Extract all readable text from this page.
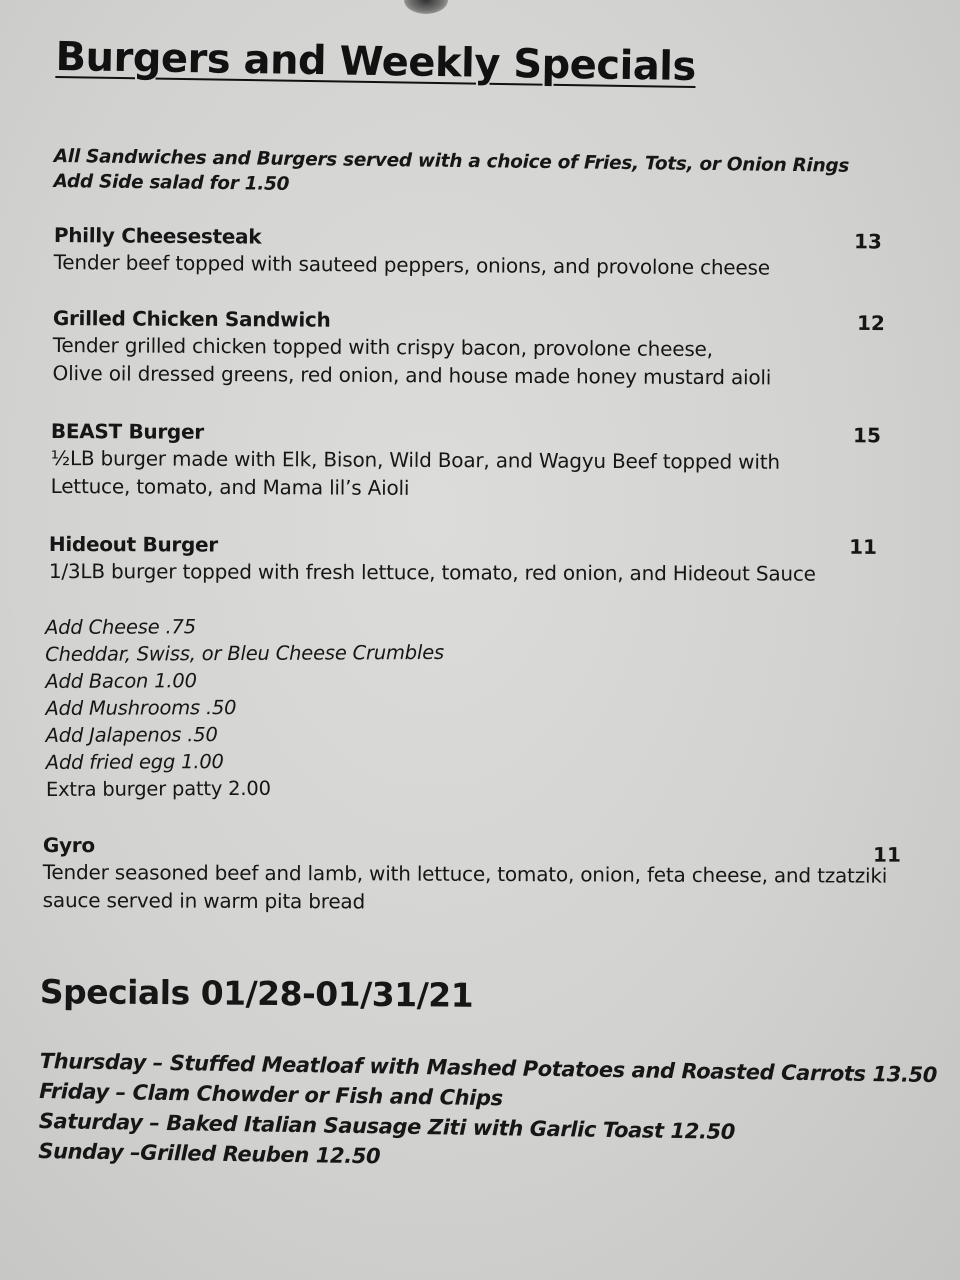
Burgers and Weekly Specials
All Sandwiches and Burgers served with a choice of Fries, Tots, or Onion Rings
Add Side salad for 1.50
Philly Cheesesteak	13
Tender beef topped with sauteed peppers, onions, and provolone cheese
Grilled Chicken Sandwich	12
Tender grilled chicken topped with crispy bacon, provolone cheese,
Olive oil dressed greens, red onion, and house made honey mustard aioli
BEAST Burger	15
½LB burger made with Elk, Bison, Wild Boar, and Wagyu Beef topped with
Lettuce, tomato, and Mama lil’s Aioli
Hideout Burger	11
1/3LB burger topped with fresh lettuce, tomato, red onion, and Hideout Sauce
Add Cheese .75
Cheddar, Swiss, or Bleu Cheese Crumbles
Add Bacon 1.00
Add Mushrooms .50
Add Jalapenos .50
Add fried egg 1.00
Extra burger patty 2.00
Gyro	11
Tender seasoned beef and lamb, with lettuce, tomato, onion, feta cheese, and tzatziki
sauce served in warm pita bread
Specials 01/28-01/31/21
Thursday – Stuffed Meatloaf with Mashed Potatoes and Roasted Carrots 13.50
Friday – Clam Chowder or Fish and Chips
Saturday – Baked Italian Sausage Ziti with Garlic Toast 12.50
Sunday –Grilled Reuben 12.50
